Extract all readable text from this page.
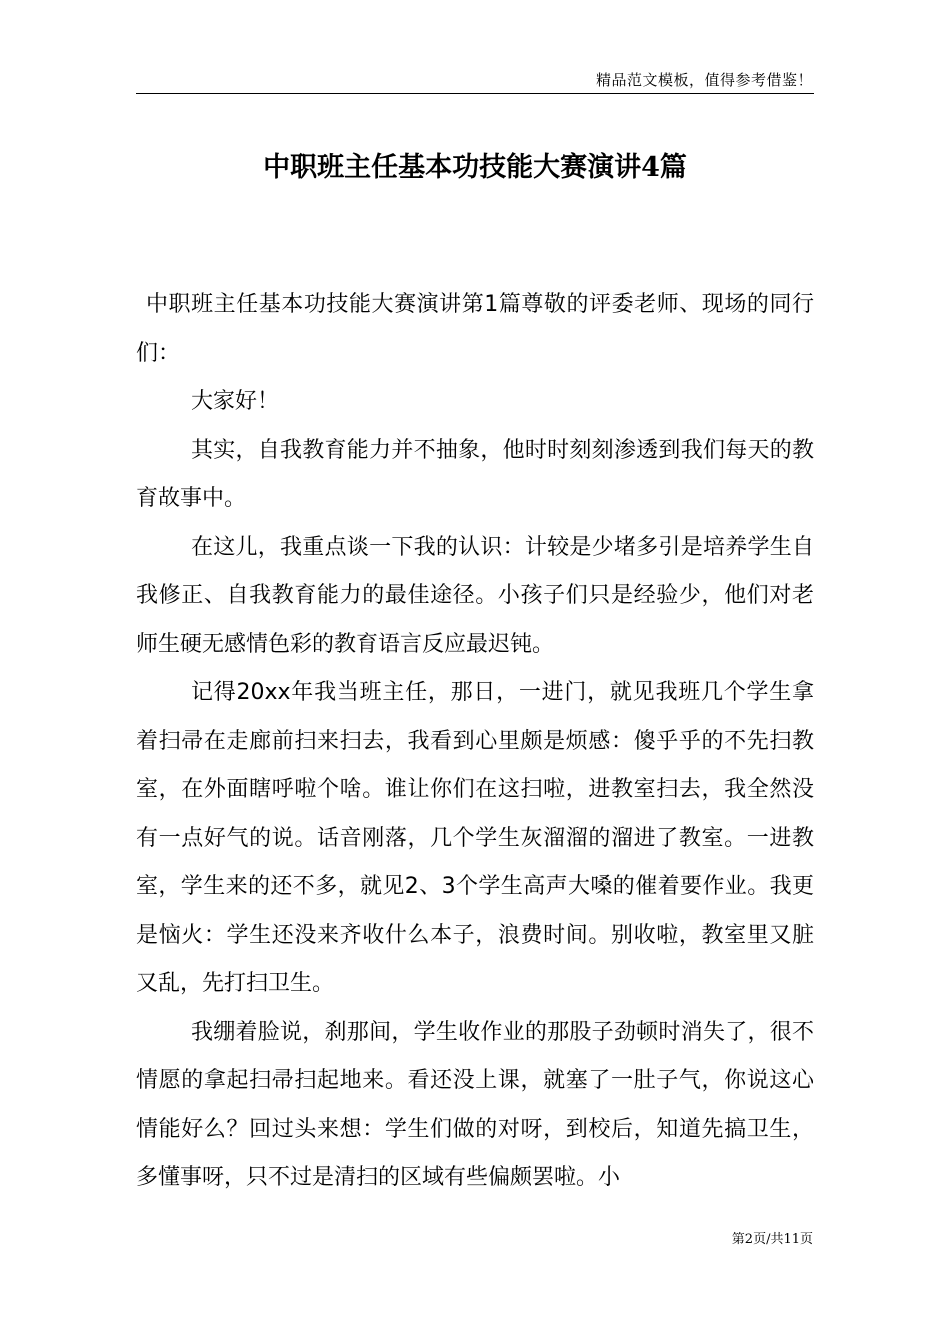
精品范文模板，值得参考借鉴！
中职班主任基本功技能大赛演讲4篇

中职班主任基本功技能大赛演讲第1篇尊敬的评委老师、现场的同行们：

大家好！

其实，自我教育能力并不抽象，他时时刻刻渗透到我们每天的教育故事中。

在这儿，我重点谈一下我的认识：计较是少堵多引是培养学生自我修正、自我教育能力的最佳途径。小孩子们只是经验少，他们对老师生硬无感情色彩的教育语言反应最迟钝。

记得20xx年我当班主任，那日，一进门，就见我班几个学生拿着扫帚在走廊前扫来扫去，我看到心里颇是烦感：傻乎乎的不先扫教室，在外面瞎呼啦个啥。谁让你们在这扫啦，进教室扫去，我全然没有一点好气的说。话音刚落，几个学生灰溜溜的溜进了教室。一进教室，学生来的还不多，就见2、3个学生高声大嗓的催着要作业。我更是恼火：学生还没来齐收什么本子，浪费时间。别收啦，教室里又脏又乱，先打扫卫生。

我绷着脸说，刹那间，学生收作业的那股子劲顿时消失了，很不情愿的拿起扫帚扫起地来。看还没上课，就塞了一肚子气，你说这心情能好么？回过头来想：学生们做的对呀，到校后，知道先搞卫生，多懂事呀，只不过是清扫的区域有些偏颇罢啦。小

第2页/共11页
